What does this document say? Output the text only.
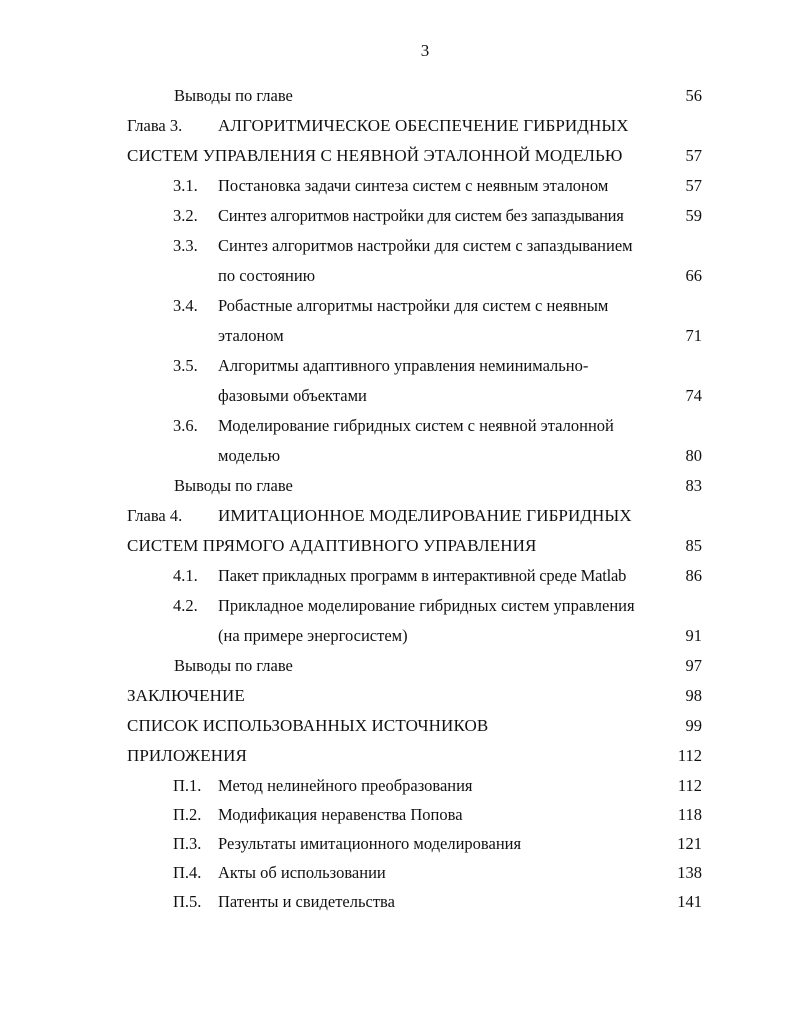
3
Выводы по главе	56
Глава 3. АЛГОРИТМИЧЕСКОЕ ОБЕСПЕЧЕНИЕ ГИБРИДНЫХ
СИСТЕМ УПРАВЛЕНИЯ С НЕЯВНОЙ ЭТАЛОННОЙ МОДЕЛЬЮ	57
3.1. Постановка задачи синтеза систем с неявным эталоном	57
3.2. Синтез алгоритмов настройки для систем без запаздывания	59
3.3. Синтез алгоритмов настройки для систем с запаздыванием
по состоянию	66
3.4. Робастные алгоритмы настройки для систем с неявным
эталоном	71
3.5. Алгоритмы адаптивного управления неминимально-
фазовыми объектами	74
3.6. Моделирование гибридных систем с неявной эталонной
моделью	80
Выводы по главе	83
Глава 4. ИМИТАЦИОННОЕ МОДЕЛИРОВАНИЕ ГИБРИДНЫХ
СИСТЕМ ПРЯМОГО АДАПТИВНОГО УПРАВЛЕНИЯ	85
4.1. Пакет прикладных программ в интерактивной среде Matlab	86
4.2. Прикладное моделирование гибридных систем управления
(на примере энергосистем)	91
Выводы по главе	97
ЗАКЛЮЧЕНИЕ	98
СПИСОК ИСПОЛЬЗОВАННЫХ ИСТОЧНИКОВ	99
ПРИЛОЖЕНИЯ	112
П.1. Метод нелинейного преобразования	112
П.2. Модификация неравенства Попова	118
П.3. Результаты имитационного моделирования	121
П.4. Акты об использовании	138
П.5. Патенты и свидетельства	141
